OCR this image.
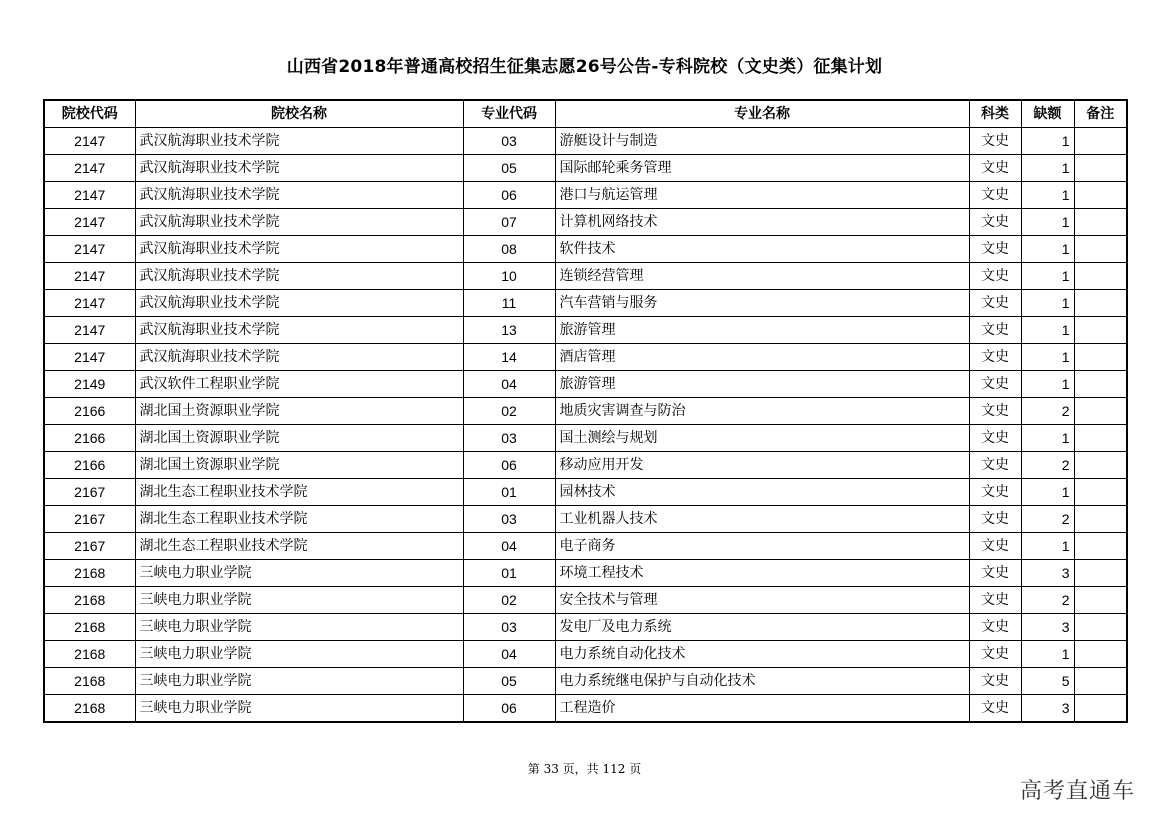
山西省2018年普通高校招生征集志愿26号公告-专科院校（文史类）征集计划
院校代码	院校名称	专业代码	专业名称	科类	缺额	备注
2147	武汉航海职业技术学院	03	游艇设计与制造	文史	1	
2147	武汉航海职业技术学院	05	国际邮轮乘务管理	文史	1	
2147	武汉航海职业技术学院	06	港口与航运管理	文史	1	
2147	武汉航海职业技术学院	07	计算机网络技术	文史	1	
2147	武汉航海职业技术学院	08	软件技术	文史	1	
2147	武汉航海职业技术学院	10	连锁经营管理	文史	1	
2147	武汉航海职业技术学院	11	汽车营销与服务	文史	1	
2147	武汉航海职业技术学院	13	旅游管理	文史	1	
2147	武汉航海职业技术学院	14	酒店管理	文史	1	
2149	武汉软件工程职业学院	04	旅游管理	文史	1	
2166	湖北国土资源职业学院	02	地质灾害调查与防治	文史	2	
2166	湖北国土资源职业学院	03	国土测绘与规划	文史	1	
2166	湖北国土资源职业学院	06	移动应用开发	文史	2	
2167	湖北生态工程职业技术学院	01	园林技术	文史	1	
2167	湖北生态工程职业技术学院	03	工业机器人技术	文史	2	
2167	湖北生态工程职业技术学院	04	电子商务	文史	1	
2168	三峡电力职业学院	01	环境工程技术	文史	3	
2168	三峡电力职业学院	02	安全技术与管理	文史	2	
2168	三峡电力职业学院	03	发电厂及电力系统	文史	3	
2168	三峡电力职业学院	04	电力系统自动化技术	文史	1	
2168	三峡电力职业学院	05	电力系统继电保护与自动化技术	文史	5	
2168	三峡电力职业学院	06	工程造价	文史	3	
第 33 页，共 112 页
高考直通车
